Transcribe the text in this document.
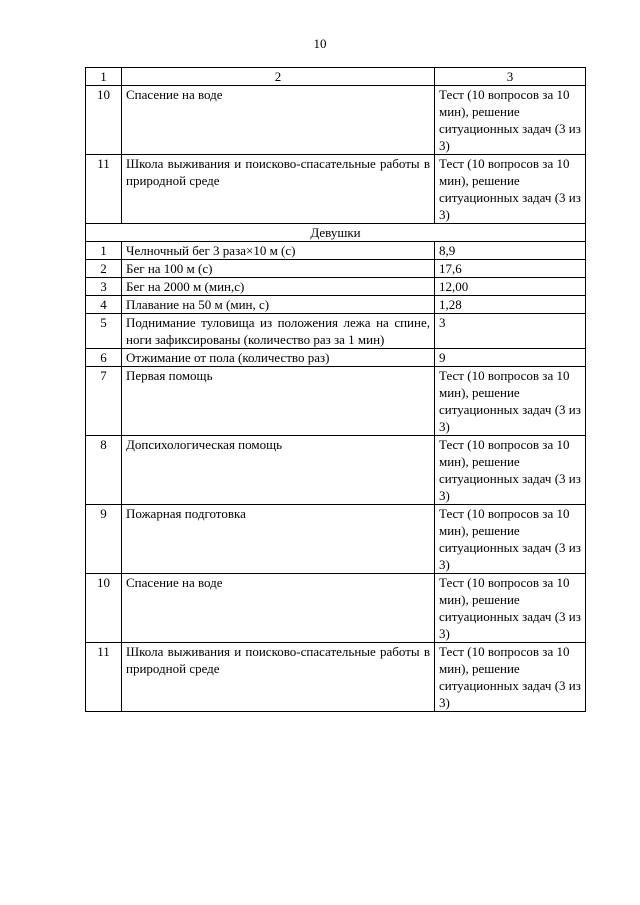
10
1	2	3
10	Спасение на воде	Тест (10 вопросов за 10 мин), решение ситуационных задач (3 из 3)
11	Школа выживания и поисково-спасательные работы в природной среде	Тест (10 вопросов за 10 мин), решение ситуационных задач (3 из 3)
Девушки		
1	Челночный бег 3 раза×10 м (с)	8,9
2	Бег на 100 м (с)	17,6
3	Бег на 2000 м (мин,с)	12,00
4	Плавание на 50 м (мин, с)	1,28
5	Поднимание туловища из положения лежа на спине, ноги зафиксированы (количество раз за 1 мин)	3
6	Отжимание от пола (количество раз)	9
7	Первая помощь	Тест (10 вопросов за 10 мин), решение ситуационных задач (3 из 3)
8	Допсихологическая помощь	Тест (10 вопросов за 10 мин), решение ситуационных задач (3 из 3)
9	Пожарная подготовка	Тест (10 вопросов за 10 мин), решение ситуационных задач (3 из 3)
10	Спасение на воде	Тест (10 вопросов за 10 мин), решение ситуационных задач (3 из 3)
11	Школа выживания и поисково-спасательные работы в природной среде	Тест (10 вопросов за 10 мин), решение ситуационных задач (3 из 3)
